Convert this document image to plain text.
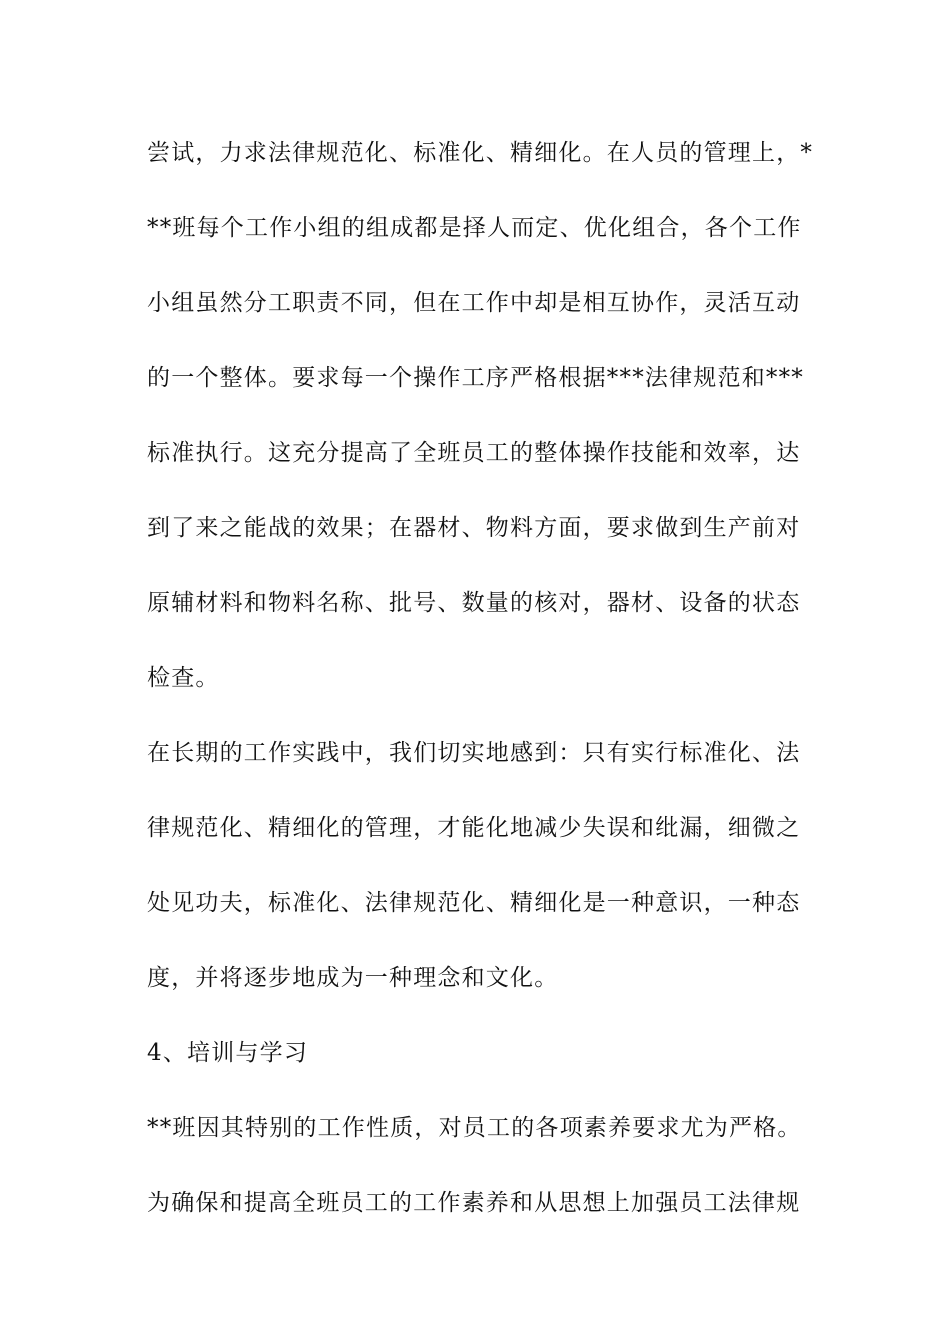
尝试，力求法律规范化、标准化、精细化。在人员的管理上，*
**班每个工作小组的组成都是择人而定、优化组合，各个工作
小组虽然分工职责不同，但在工作中却是相互协作，灵活互动
的一个整体。要求每一个操作工序严格根据***法律规范和***
标准执行。这充分提高了全班员工的整体操作技能和效率，达
到了来之能战的效果；在器材、物料方面，要求做到生产前对
原辅材料和物料名称、批号、数量的核对，器材、设备的状态
检查。
在长期的工作实践中，我们切实地感到：只有实行标准化、法
律规范化、精细化的管理，才能化地减少失误和纰漏，细微之
处见功夫，标准化、法律规范化、精细化是一种意识，一种态
度，并将逐步地成为一种理念和文化。
4、培训与学习
**班因其特别的工作性质，对员工的各项素养要求尤为严格。
为确保和提高全班员工的工作素养和从思想上加强员工法律规
